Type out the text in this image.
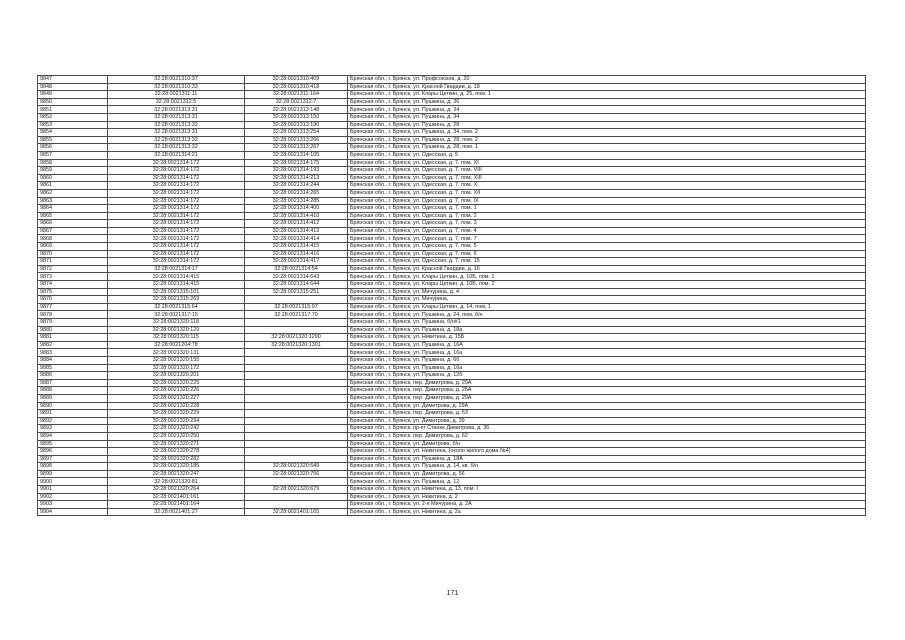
9847	32:28:0021310:37	32:28:0021310:409	Брянская обл., г. Брянск, ул. Профсоюзов, д. 20
9848	32:28:0021310:33	32:28:0021310:418	Брянская обл., г. Брянск, ул. Красной Гвардии, д. 18
9849	32:28:0021311:11	32:28:0021311:164	Брянская обл., г. Брянск, ул. Клары Цеткин, д. 25, пом. 1
9850	32:28:0021312:5	32:28:0021312:7	Брянская обл., г. Брянск, ул. Пушкина, д. 36
9851	32:28:0021313:31	32:28:0021313:148	Брянская обл., г. Брянск, ул. Пушкина, д. 34
9852	32:28:0021313:31	32:28:0021313:150	Брянская обл., г. Брянск, ул. Пушкина, д. 34
9853	32:28:0021313:32	32:28:0021313:190	Брянская обл., г. Брянск, ул. Пушкина, д. 28
9854	32:28:0021313:31	32:28:0021313:254	Брянская обл., г. Брянск, ул. Пушкина, д. 34, пом. 2
9855	32:28:0021313:32	32:28:0021313:266	Брянская обл., г. Брянск, ул. Пушкина, д. 28, пом. 2
9856	32:28:0021313:32	32:28:0021313:267	Брянская обл., г. Брянск, ул. Пушкина, д. 28, пом. 1
9857	32:28:0021314:21	32:28:0021314:105	Брянская обл., г. Брянск, ул. Одесская, д. 5
9858	32:28:0021314:172	32:28:0021314:175	Брянская обл., г. Брянск, ул. Одесская, д. 7, пом. XI
9859	32:28:0021314:172	32:28:0021314:193	Брянская обл., г. Брянск, ул. Одесская, д. 7, пом. VIII
9860	32:28:0021314:172	32:28:0021314:213	Брянская обл., г. Брянск, ул. Одесская, д. 7, пом. XIII
9861	32:28:0021314:172	32:28:0021314:244	Брянская обл., г. Брянск, ул. Одесская, д. 7, пом. X
9862	32:28:0021314:172	32:28:0021314:265	Брянская обл., г. Брянск, ул. Одесская, д. 7, пом. XII
9863	32:28:0021314:172	32:28:0021314:285	Брянская обл., г. Брянск, ул. Одесская, д. 7, пом. IX
9864	32:28:0021314:172	32:28:0021314:400	Брянская обл., г. Брянск, ул. Одесская, д. 7, пом. 1
9865	32:28:0021314:172	32:28:0021314:410	Брянская обл., г. Брянск, ул. Одесская, д. 7, пом. 2
9866	32:28:0021314:172	32:28:0021314:412	Брянская обл., г. Брянск, ул. Одесская, д. 7, пом. 3
9867	32:28:0021314:172	32:28:0021314:413	Брянская обл., г. Брянск, ул. Одесская, д. 7, пом. 4
9868	32:28:0021314:172	32:28:0021314:414	Брянская обл., г. Брянск, ул. Одесская, д. 7, пом. 7
9869	32:28:0021314:172	32:28:0021314:415	Брянская обл., г. Брянск, ул. Одесская, д. 7, пом. 5
9870	32:28:0021314:172	32:28:0021314:416	Брянская обл., г. Брянск, ул. Одесская, д. 7, пом. 6
9871	32:28:0021314:172	32:28:0021314:417	Брянская обл., г. Брянск, ул. Одесская, д. 7, пом. 15
9872	32:28:0021314:17	32:28:0021314:54	Брянская обл., г. Брянск, ул. Красной Гвардии, д. 16
9873	32:28:0021314:415	32:28:0021314:643	Брянская обл., г. Брянск, ул. Клары Цеткин, д. 10Б, пом. 1
9874	32:28:0021314:415	32:28:0021314:644	Брянская обл., г. Брянск, ул. Клары Цеткин, д. 10Б, пом. 2
9875	32:28:0021315:101	32:28:0021315:251	Брянская обл., г. Брянск, ул. Мичурина, д. 4
9876	32:28:0021315:269		Брянская обл., г. Брянск, ул. Мичурина,
9877	32:28:0021315:64	32:28:0021315:97	Брянская обл., г. Брянск, ул. Клары Цеткин, д. 14, пом. 1
9878	32:28:0021317:15	32:28:0021317:70	Брянская обл., г. Брянск, ул. Пушкина, д. 24, пом. б/н
9879	32:28:0021320:118		Брянская обл., г. Брянск, ул. Пушкина, б/н#1
9880	32:28:0021320:129		Брянская обл., г. Брянск, ул. Пушкина, д. 18а
9881	32:28:0021320:115	32:28:0021320:1290	Брянская обл., г. Брянск, ул. Никитина, д. 15Б
9882	32:28:0021204:78	32:28:0021320:1301	Брянская обл., г. Брянск, ул. Пушкина, д. 16А
9883	32:28:0021320:131		Брянская обл., г. Брянск, ул. Пушкина, д. 16а
9884	32:28:0021320:155		Брянская обл., г. Брянск, ул. Пушкина, д. 6б
9885	32:28:0021320:172		Брянская обл., г. Брянск, ул. Пушкина, д. 16а
9886	32:28:0021320:201		Брянская обл., г. Брянск, ул. Пушкина, д. 12б
9887	32:28:0021320:225		Брянская обл., г. Брянск, пер. Димитрова, д. 29А
9888	32:28:0021320:226		Брянская обл., г. Брянск, пер. Димитрова, д. 25А
9889	32:28:0021320:227		Брянская обл., г. Брянск, пер. Димитрова, д. 29А
9890	32:28:0021320:228		Брянская обл., г. Брянск, ул. Димитрова, д. 29А
9891	32:28:0021320:229		Брянская обл., г. Брянск, пер. Димитрова, д. 53
9892	32:28:0021320:234		Брянская обл., г. Брянск, ул. Димитрова, д. 39
9893	32:28:0021320:242		Брянская обл., г. Брянск, пр-кт Станке Димитрова, д. 36
9894	32:28:0021320:250		Брянская обл., г. Брянск, пер. Димитрова, д. 62
9895	32:28:0021320:271		Брянская обл., г. Брянск, ул. Димитрова, б/н
9896	32:28:0021320:278		Брянская обл., г. Брянск, ул. Никитина, (около жилого дома №4)
9897	32:28:0021320:282		Брянская обл., г. Брянск, ул. Пушкина, д. 18А
9898	32:28:0021320:185	32:28:0021320:549	Брянская обл., г. Брянск, ул. Пушкина, д. 14, кв. б/н
9899	32:28:0021320:247	32:28:0021320:756	Брянская обл., г. Брянск, ул. Димитрова, д. 56
9900	32:28:0021320:81		Брянская обл., г. Брянск, ул. Пушкина, д. 12
9901	32:28:0021320:264	32:28:0021320:679	Брянская обл., г. Брянск, ул. Никитина, д. 13, пом. I
9902	32:28:0021401:161		Брянская обл., г. Брянск, ул. Никитина, д. 2
9903	32:28:0021401:164		Брянская обл., г. Брянск, ул. 2-я Мичурина, д. 2А
9904	32:28:0021401:27	32:28:0021401:165	Брянская обл., г. Брянск, ул. Никитина, д. 2а
171
